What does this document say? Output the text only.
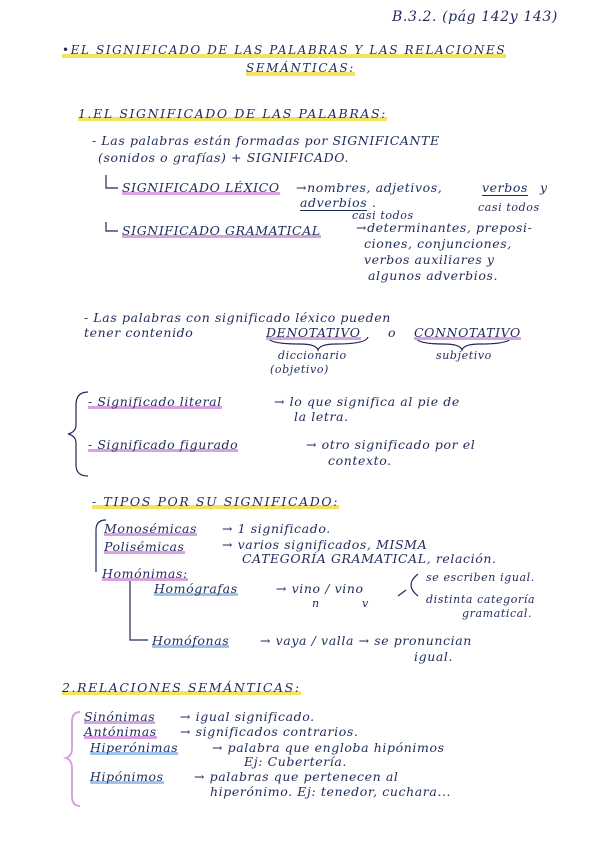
B.3.2. (pág 142y 143)
•EL SIGNIFICADO DE LAS PALABRAS Y LAS RELACIONES
SEMÁNTICAS:
1.EL SIGNIFICADO DE LAS PALABRAS:
- Las palabras están formadas por SIGNIFICANTE
(sonidos o grafías) + SIGNIFICADO.
SIGNIFICADO LÉXICO →nombres, adjetivos,	verbos y
adverbios .
casi todos
casi todos
SIGNIFICADO GRAMATICAL	→determinantes, preposi-
ciones, conjunciones,
verbos auxiliares y
algunos adverbios.
- Las palabras con significado léxico pueden
tener contenido	DENOTATIVO o CONNOTATIVO
diccionario
(objetivo)
subjetivo
- Significado literal	→ lo que significa al pie de
la letra.
- Significado figurado	→ otro significado por el
contexto.
- TIPOS POR SU SIGNIFICADO:
Monosémicas → 1 significado.
Polisémicas	→ varios significados, MISMA
CATEGORÍA GRAMATICAL, relación.
Homónimas:
Homógrafas	→ vino / vino
n	v
se escriben igual.
distinta categoría
gramatical.
Homófonas → vaya / valla → se pronuncian
igual.
2.RELACIONES SEMÁNTICAS:
Sinónimas → igual significado.
Antónimas → significados contrarios.
Hiperónimas	→ palabra que engloba hipónimos
Ej: Cubertería.
Hipónimos → palabras que pertenecen al
hiperónimo. Ej: tenedor, cuchara...
